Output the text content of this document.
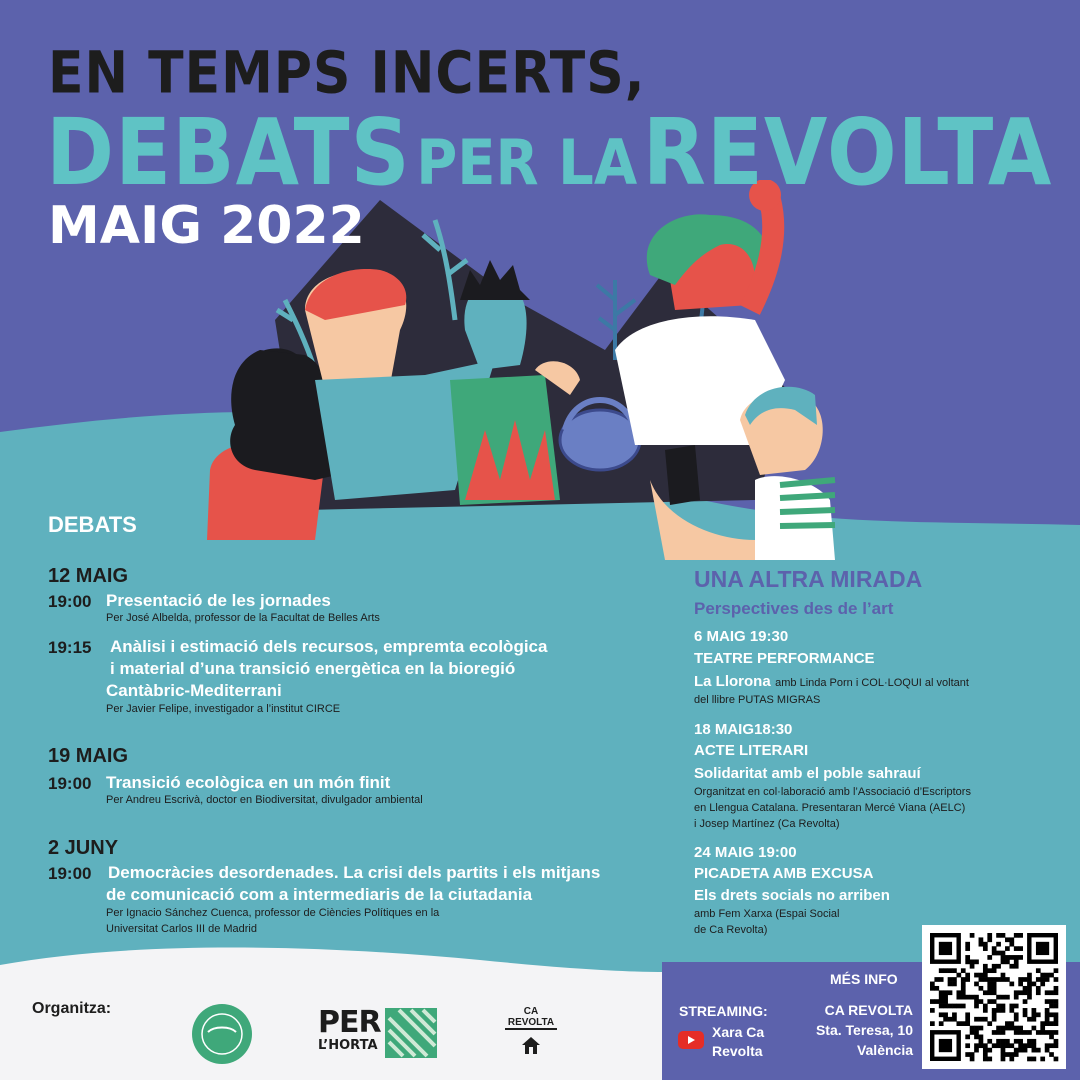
EN TEMPS INCERTS,
DEBATS PER LA REVOLTA
MAIG 2022
DEBATS
12 MAIG
19:00 Presentació de les jornades
Per José Albelda, professor de la Facultat de Belles Arts
19:15 Anàlisi i estimació dels recursos, empremta ecològica
i material d’una transició energètica en la bioregió
Cantàbric-Mediterrani
Per Javier Felipe, investigador a l’institut CIRCE
19 MAIG
19:00 Transició ecològica en un món finit
Per Andreu Escrivà, doctor en Biodiversitat, divulgador ambiental
2 JUNY
19:00 Democràcies desordenades. La crisi dels partits i els mitjans
de comunicació com a intermediaris de la ciutadania
Per Ignacio Sánchez Cuenca, professor de Ciències Polítiques en la
Universitat Carlos III de Madrid
UNA ALTRA MIRADA
Perspectives des de l’art
6 MAIG 19:30
TEATRE PERFORMANCE
La Llorona amb Linda Porn i COL·LOQUI al voltant
del llibre PUTAS MIGRAS
18 MAIG18:30
ACTE LITERARI
Solidaritat amb el poble sahrauí
Organitzat en col·laboració amb l’Associació d’Escriptors
en Llengua Catalana. Presentaran Mercé Viana (AELC)
i Josep Martínez (Ca Revolta)
24 MAIG 19:00
PICADETA AMB EXCUSA
Els drets socials no arriben
amb Fem Xarxa (Espai Social
de Ca Revolta)
Organitza:	PER
L’HORTA
CA
REVOLTA
MÉS INFO
STREAMING:
Xara Ca
Revolta
CA REVOLTA
Sta. Teresa, 10
València
